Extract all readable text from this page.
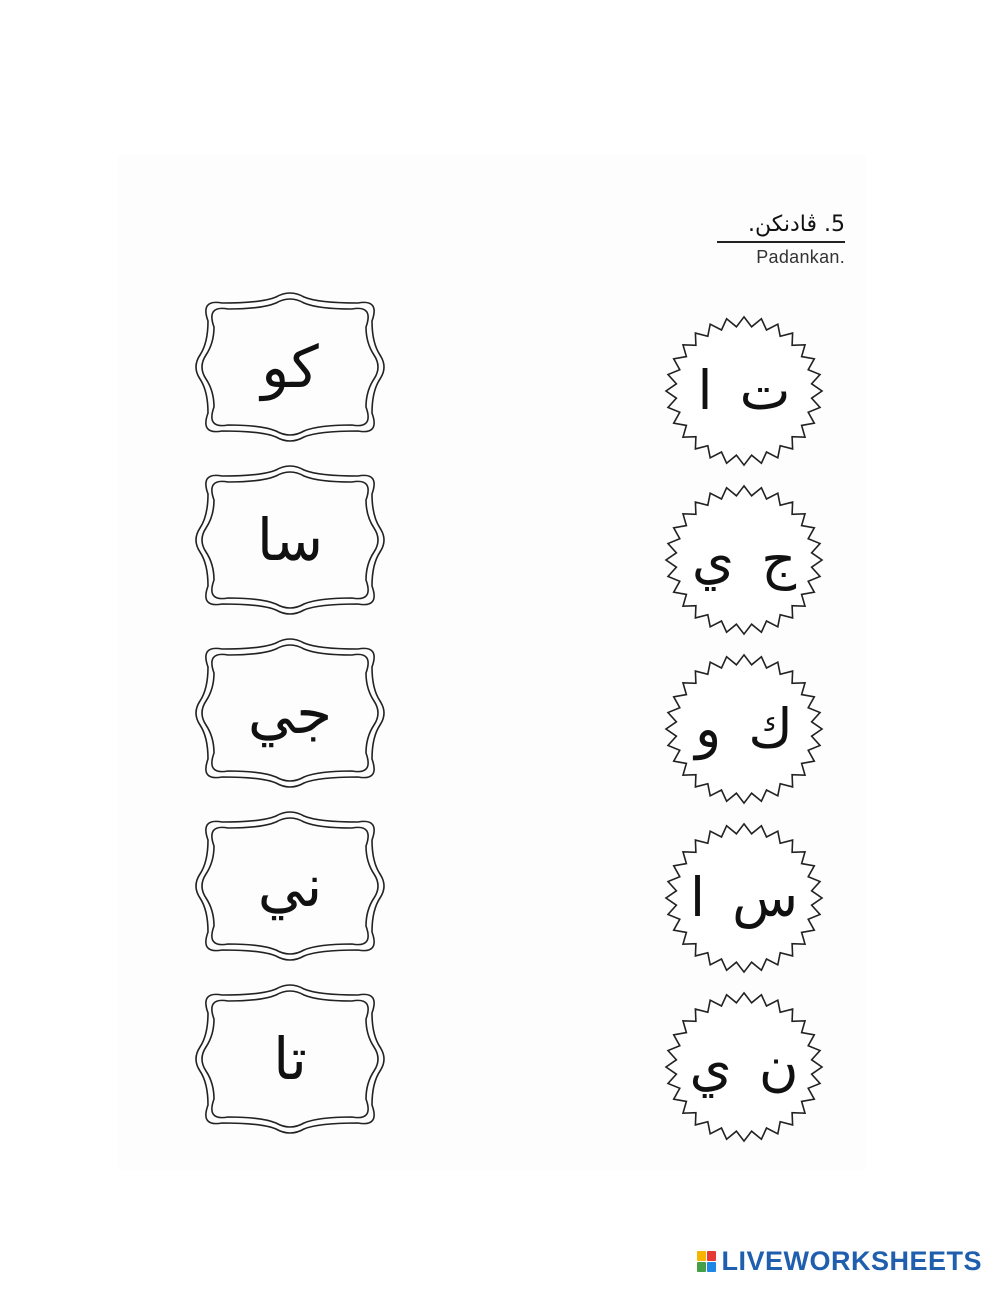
5. ڤادنكن.
Padankan.
كو
سا
جي
ني
تا
ت ا
ج ي
ك و
س ا
ن ي
LIVEWORKSHEETS
